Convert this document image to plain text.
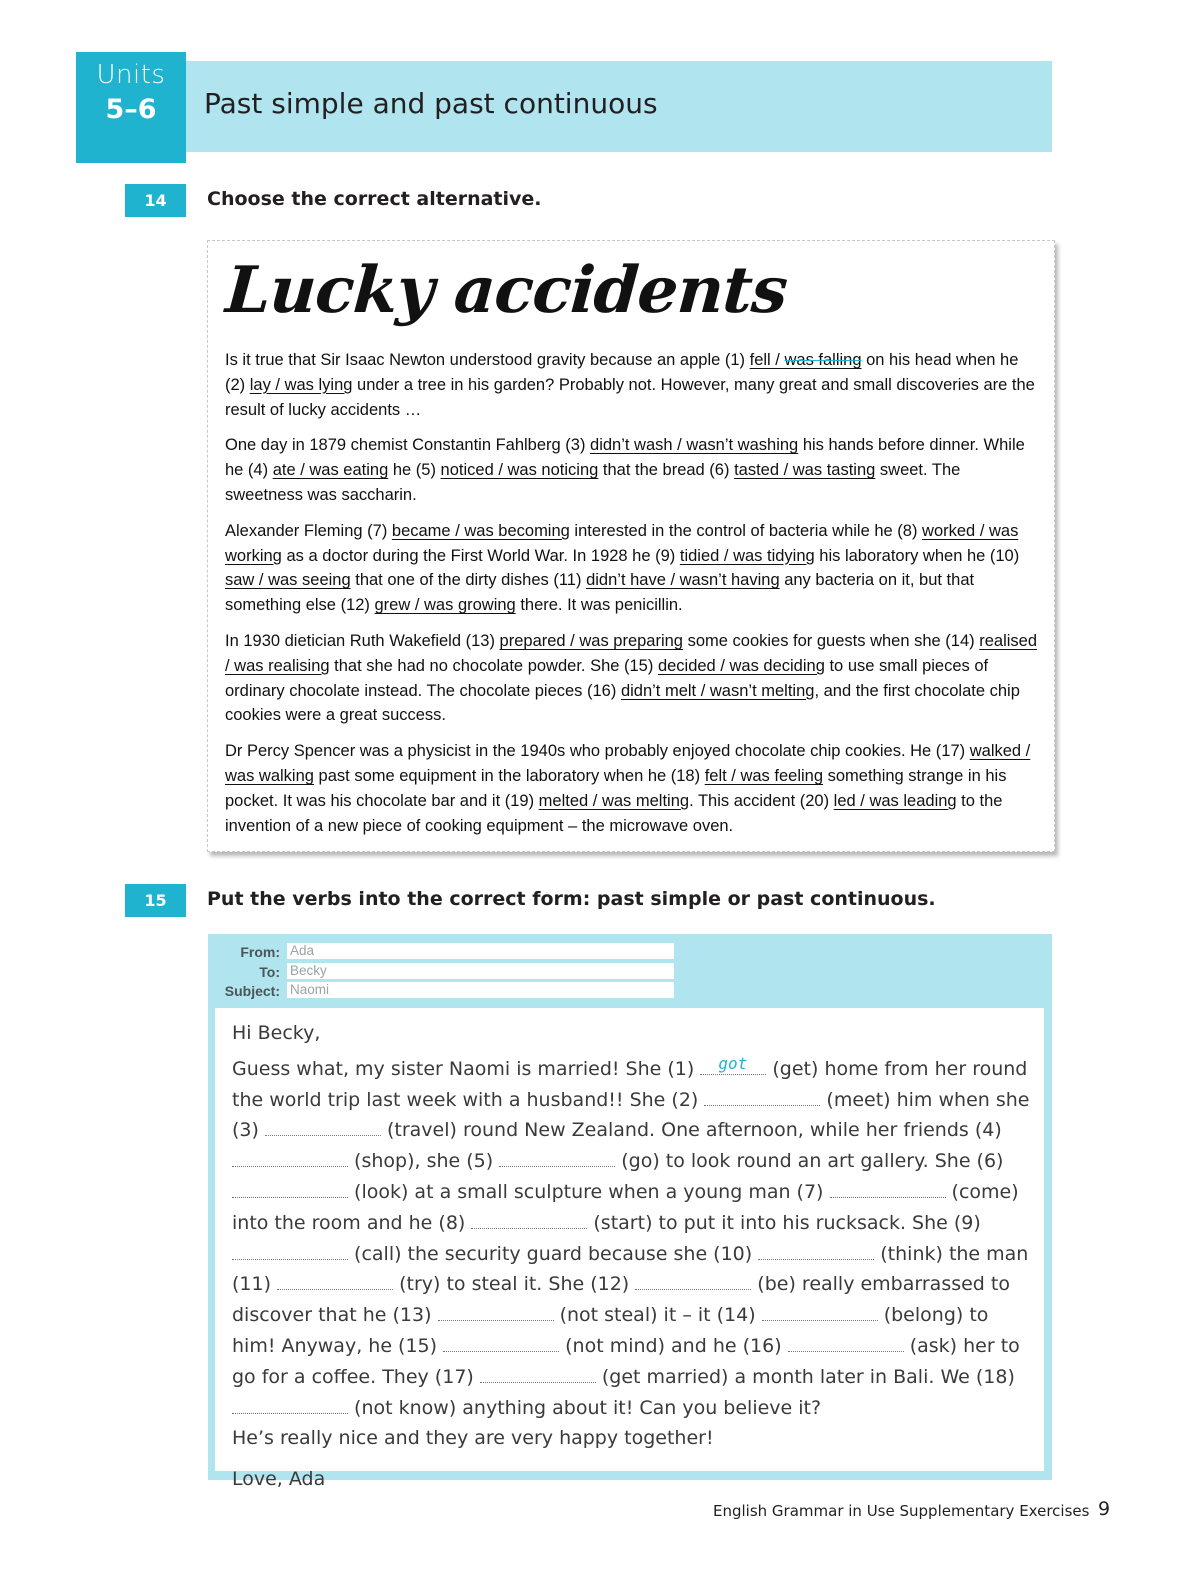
Units
5–6	Past simple and past continuous
14	Choose the correct alternative.
Lucky accidents

Is it true that Sir Isaac Newton understood gravity because an apple (1) fell / was falling on his head when he (2) lay / was lying under a tree in his garden? Probably not. However, many great and small discoveries are the result of lucky accidents …

One day in 1879 chemist Constantin Fahlberg (3) didn’t wash / wasn’t washing his hands before dinner. While he (4) ate / was eating he (5) noticed / was noticing that the bread (6) tasted / was tasting sweet. The sweetness was saccharin.

Alexander Fleming (7) became / was becoming interested in the control of bacteria while he (8) worked / was working as a doctor during the First World War. In 1928 he (9) tidied / was tidying his laboratory when he (10) saw / was seeing that one of the dirty dishes (11) didn’t have / wasn’t having any bacteria on it, but that something else (12) grew / was growing there. It was penicillin.

In 1930 dietician Ruth Wakefield (13) prepared / was preparing some cookies for guests when she (14) realised / was realising that she had no chocolate powder. She (15) decided / was deciding to use small pieces of ordinary chocolate instead. The chocolate pieces (16) didn’t melt / wasn’t melting, and the first chocolate chip cookies were a great success.

Dr Percy Spencer was a physicist in the 1940s who probably enjoyed chocolate chip cookies. He (17) walked / was walking past some equipment in the laboratory when he (18) felt / was feeling something strange in his pocket. It was his chocolate bar and it (19) melted / was melting. This accident (20) led / was leading to the invention of a new piece of cooking equipment – the microwave oven.

15	Put the verbs into the correct form: past simple or past continuous.
From: Ada
To: Becky
Subject: Naomi

Hi Becky,

Guess what, my sister Naomi is married! She (1) got (get) home from her round the world trip last week with a husband!! She (2)	(meet) him when she (3)	(travel) round New Zealand. One afternoon, while her friends (4)  (shop), she (5)	(go) to look round an art gallery. She (6)  (look) at a small sculpture when a young man (7)	(come) into the room and he (8)	(start) to put it into his rucksack. She (9)  (call) the security guard because she (10)	(think) the man (11)	(try) to steal it. She (12)	(be) really embarrassed to discover that he (13)	(not steal) it – it (14)	(belong) to him! Anyway, he (15)	(not mind) and he (16)	(ask) her to go for a coffee. They (17)	(get married) a month later in Bali. We (18)  (not know) anything about it! Can you believe it?

He’s really nice and they are very happy together!

Love, Ada

English Grammar in Use Supplementary Exercises 9
